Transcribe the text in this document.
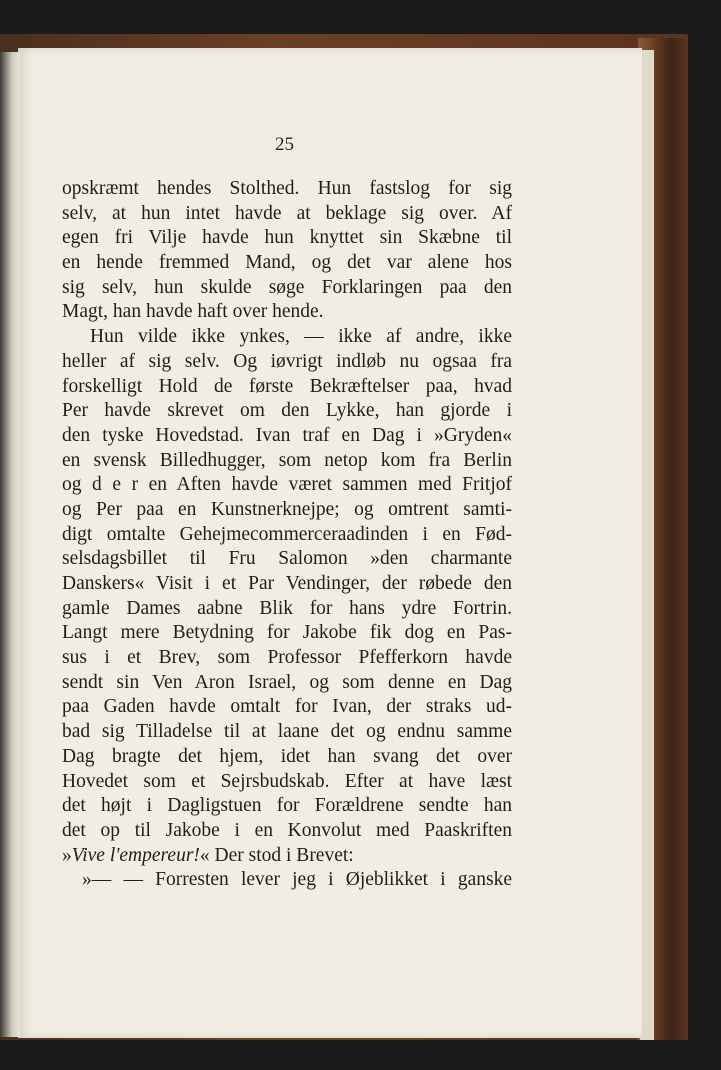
25
opskræmt hendes Stolthed. Hun fastslog for sig
selv, at hun intet havde at beklage sig over. Af
egen fri Vilje havde hun knyttet sin Skæbne til
en hende fremmed Mand, og det var alene hos
sig selv, hun skulde søge Forklaringen paa den
Magt, han havde haft over hende.
Hun vilde ikke ynkes, — ikke af andre, ikke
heller af sig selv. Og iøvrigt indløb nu ogsaa fra
forskelligt Hold de første Bekræftelser paa, hvad
Per havde skrevet om den Lykke, han gjorde i
den tyske Hovedstad. Ivan traf en Dag i »Gryden«
en svensk Billedhugger, som netop kom fra Berlin
og d e r en Aften havde været sammen med Fritjof
og Per paa en Kunstnerknejpe; og omtrent samti-
digt omtalte Gehejmecommerceraadinden i en Fød-
selsdagsbillet til Fru Salomon »den charmante
Danskers« Visit i et Par Vendinger, der røbede den
gamle Dames aabne Blik for hans ydre Fortrin.
Langt mere Betydning for Jakobe fik dog en Pas-
sus i et Brev, som Professor Pfefferkorn havde
sendt sin Ven Aron Israel, og som denne en Dag
paa Gaden havde omtalt for Ivan, der straks ud-
bad sig Tilladelse til at laane det og endnu samme
Dag bragte det hjem, idet han svang det over
Hovedet som et Sejrsbudskab. Efter at have læst
det højt i Dagligstuen for Forældrene sendte han
det op til Jakobe i en Konvolut med Paaskriften
»Vive l'empereur!« Der stod i Brevet:
»— — Forresten lever jeg i Øjeblikket i ganske
